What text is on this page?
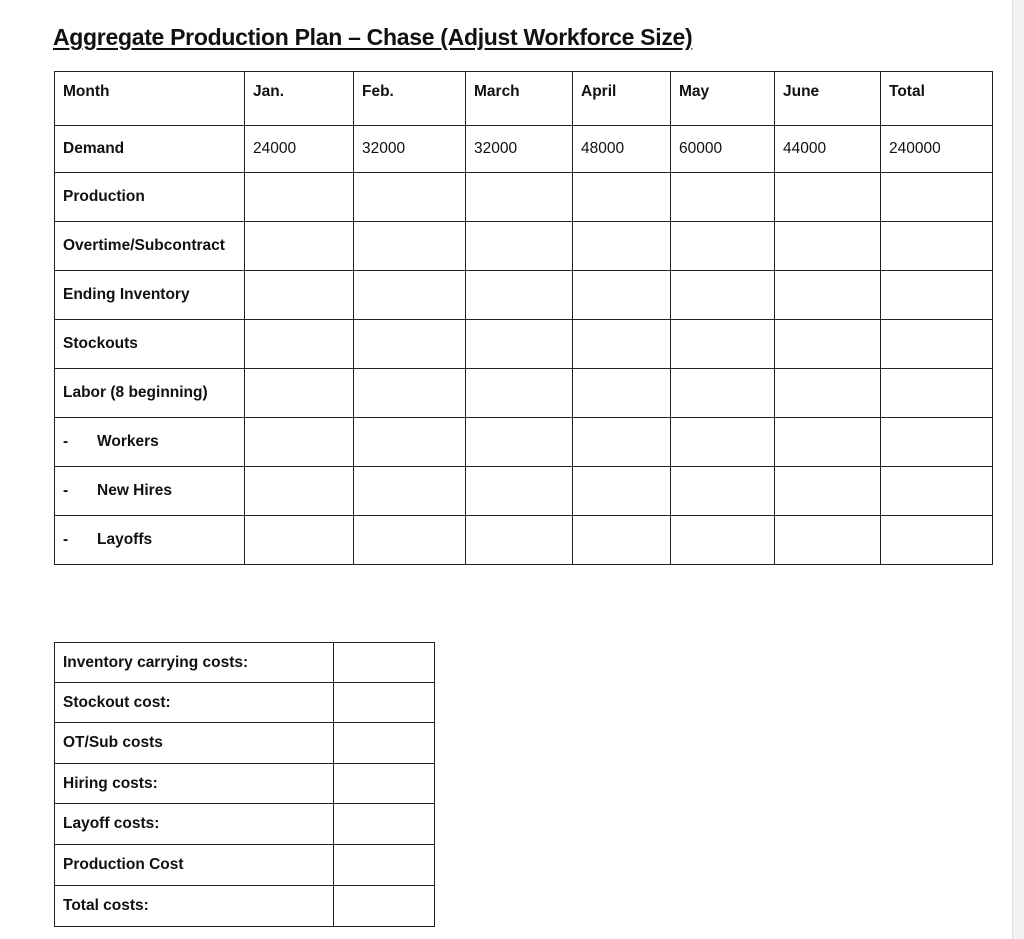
Aggregate Production Plan – Chase (Adjust Workforce Size)
Month	Jan.	Feb.	March	April	May	June	Total
Demand	24000	32000	32000	48000	60000	44000	240000
Production							
Overtime/Subcontract							
Ending Inventory							
Stockouts							
Labor (8 beginning)							
- Workers							
- New Hires							
- Layoffs							
Inventory carrying costs:	
Stockout cost:	
OT/Sub costs	
Hiring costs:	
Layoff costs:	
Production Cost	
Total costs:	
